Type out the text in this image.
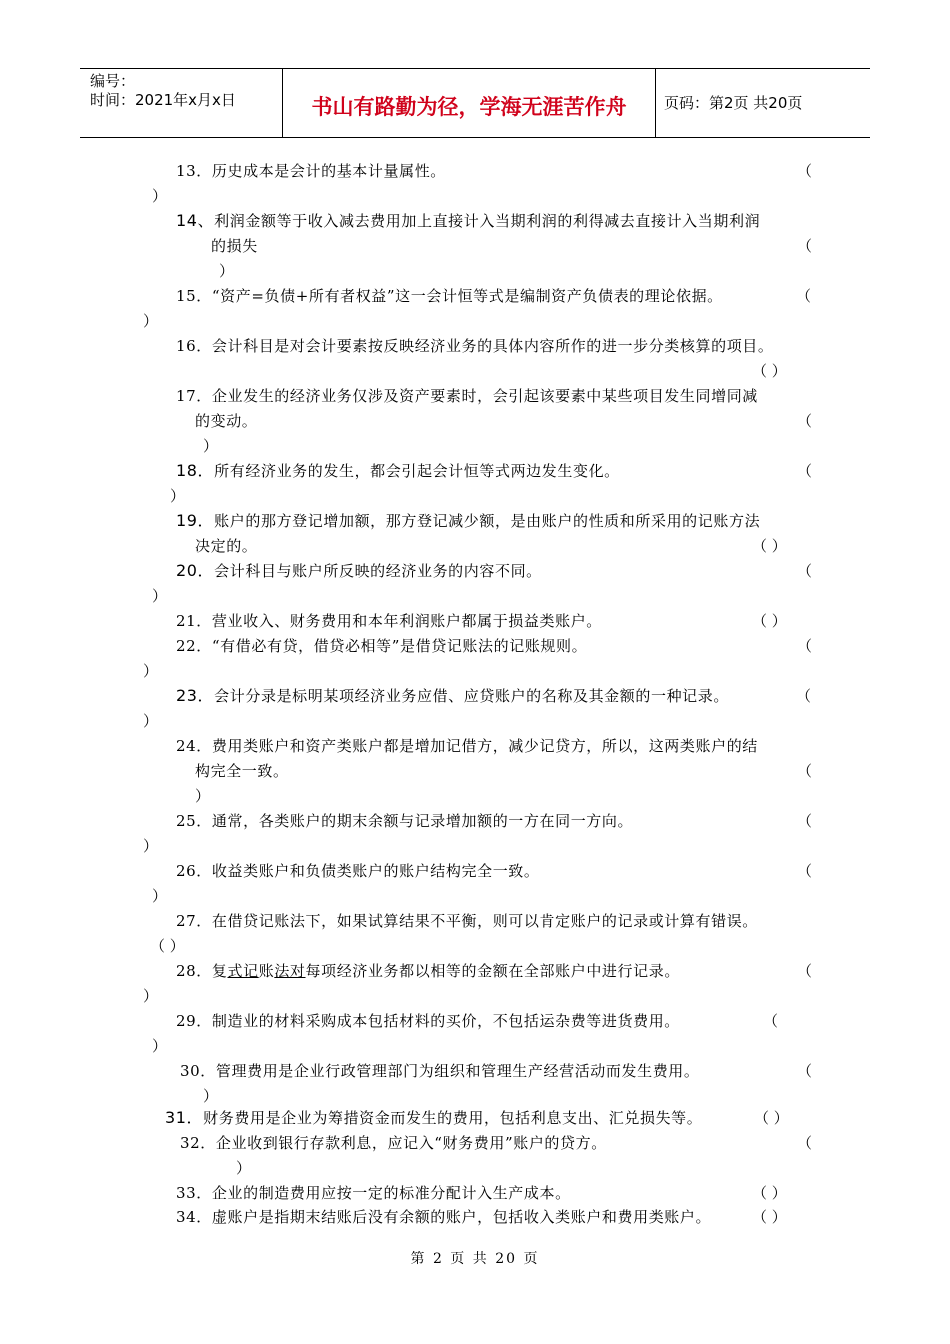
编号：
时间：2021年x月x日	书山有路勤为径，学海无涯苦作舟	页码：第2页 共20页
13．历史成本是会计的基本计量属性。	（
）
14、利润金额等于收入减去费用加上直接计入当期利润的利得减去直接计入当期利润
的损失	（
）
15．“资产=负债+所有者权益”这一会计恒等式是编制资产负债表的理论依据。	（
）
16．会计科目是对会计要素按反映经济业务的具体内容所作的进一步分类核算的项目。
（ ）
17．企业发生的经济业务仅涉及资产要素时，会引起该要素中某些项目发生同增同减
的变动。	（
）
18．所有经济业务的发生，都会引起会计恒等式两边发生变化。	（
）
19．账户的那方登记增加额，那方登记减少额，是由账户的性质和所采用的记账方法
决定的。	（ ）
20．会计科目与账户所反映的经济业务的内容不同。	（
）
21．营业收入、财务费用和本年利润账户都属于损益类账户。	（ ）
22．“有借必有贷，借贷必相等”是借贷记账法的记账规则。	（
）
23．会计分录是标明某项经济业务应借、应贷账户的名称及其金额的一种记录。	（
）
24．费用类账户和资产类账户都是增加记借方，减少记贷方，所以，这两类账户的结
构完全一致。	（
）
25．通常，各类账户的期末余额与记录增加额的一方在同一方向。	（
）
26．收益类账户和负债类账户的账户结构完全一致。	（
）
27．在借贷记账法下，如果试算结果不平衡，则可以肯定账户的记录或计算有错误。
（ ）
28．复式记账法对每项经济业务都以相等的金额在全部账户中进行记录。	（
）
29．制造业的材料采购成本包括材料的买价，不包括运杂费等进货费用。	（
）
30．管理费用是企业行政管理部门为组织和管理生产经营活动而发生费用。	（
）
31．财务费用是企业为筹措资金而发生的费用，包括利息支出、汇兑损失等。	（ ）
32．企业收到银行存款利息，应记入“财务费用”账户的贷方。	（
）
33．企业的制造费用应按一定的标准分配计入生产成本。	（ ）
34．虚账户是指期末结账后没有余额的账户，包括收入类账户和费用类账户。	（ ）
第 2 页 共 20 页
